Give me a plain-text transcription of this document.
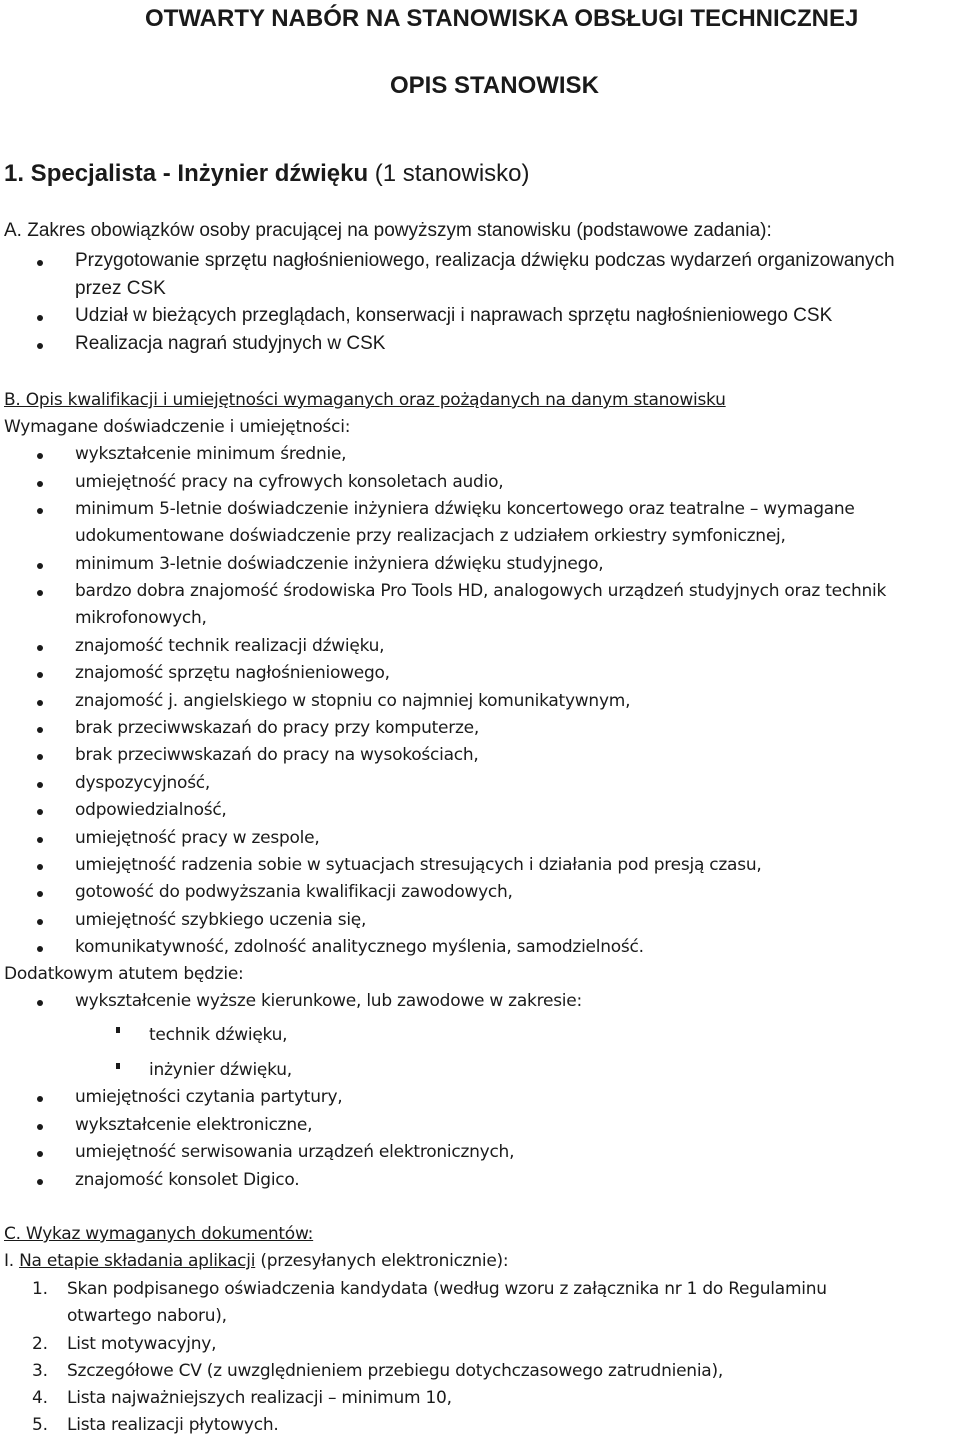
OTWARTY NABÓR NA STANOWISKA OBSŁUGI TECHNICZNEJ
OPIS STANOWISK
1. Specjalista - Inżynier dźwięku (1 stanowisko)
A. Zakres obowiązków osoby pracującej na powyższym stanowisku (podstawowe zadania):
Przygotowanie sprzętu nagłośnieniowego, realizacja dźwięku podczas wydarzeń organizowanych
przez CSK
Udział w bieżących przeglądach, konserwacji i naprawach sprzętu nagłośnieniowego CSK
Realizacja nagrań studyjnych w CSK
B. Opis kwalifikacji i umiejętności wymaganych oraz pożądanych na danym stanowisku
Wymagane doświadczenie i umiejętności:
wykształcenie minimum średnie,
umiejętność pracy na cyfrowych konsoletach audio,
minimum 5-letnie doświadczenie inżyniera dźwięku koncertowego oraz teatralne – wymagane
udokumentowane doświadczenie przy realizacjach z udziałem orkiestry symfonicznej,
minimum 3-letnie doświadczenie inżyniera dźwięku studyjnego,
bardzo dobra znajomość środowiska Pro Tools HD, analogowych urządzeń studyjnych oraz technik
mikrofonowych,
znajomość technik realizacji dźwięku,
znajomość sprzętu nagłośnieniowego,
znajomość j. angielskiego w stopniu co najmniej komunikatywnym,
brak przeciwwskazań do pracy przy komputerze,
brak przeciwwskazań do pracy na wysokościach,
dyspozycyjność,
odpowiedzialność,
umiejętność pracy w zespole,
umiejętność radzenia sobie w sytuacjach stresujących i działania pod presją czasu,
gotowość do podwyższania kwalifikacji zawodowych,
umiejętność szybkiego uczenia się,
komunikatywność, zdolność analitycznego myślenia, samodzielność.
Dodatkowym atutem będzie:
wykształcenie wyższe kierunkowe, lub zawodowe w zakresie:
technik dźwięku,
inżynier dźwięku,
umiejętności czytania partytury,
wykształcenie elektroniczne,
umiejętność serwisowania urządzeń elektronicznych,
znajomość konsolet Digico.
C. Wykaz wymaganych dokumentów:
I. Na etapie składania aplikacji (przesyłanych elektronicznie):
1. Skan podpisanego oświadczenia kandydata (według wzoru z załącznika nr 1 do Regulaminu
otwartego naboru),
2. List motywacyjny,
3. Szczegółowe CV (z uwzględnieniem przebiegu dotychczasowego zatrudnienia),
4. Lista najważniejszych realizacji – minimum 10,
5. Lista realizacji płytowych.
